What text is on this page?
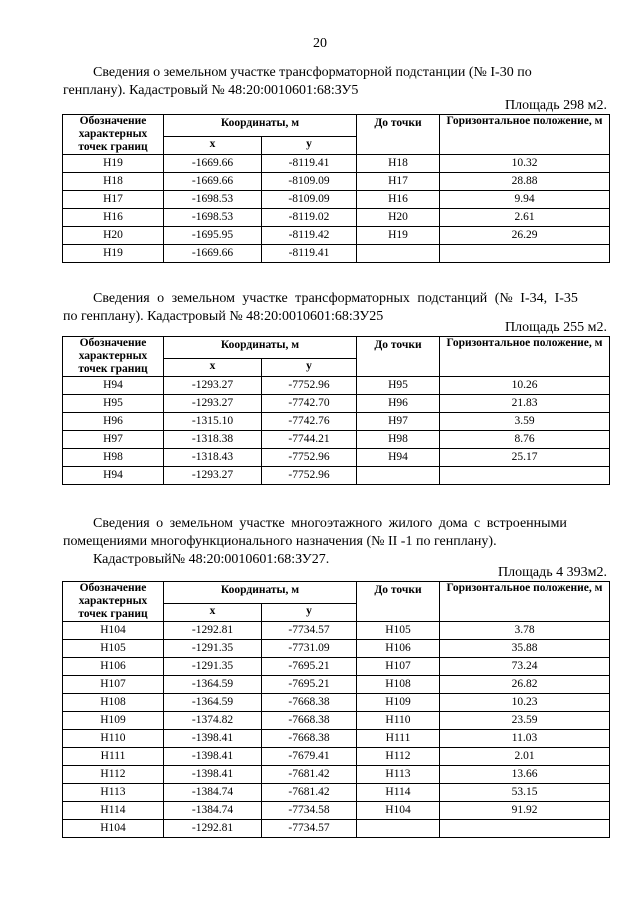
20

Сведения о земельном участке трансформаторной подстанции (№ I-30 по

генплану). Кадастровый № 48:20:0010601:68:ЗУ5

Площадь 298 м2.
Обозначение характерных точек границ	Координаты, м		До точки	Горизонтальное положение, м
	x	y		
Н19	-1669.66	-8119.41	Н18	10.32
Н18	-1669.66	-8109.09	Н17	28.88
Н17	-1698.53	-8109.09	Н16	9.94
Н16	-1698.53	-8119.02	Н20	2.61
Н20	-1695.95	-8119.42	Н19	26.29
Н19	-1669.66	-8119.41		

Сведения о земельном участке трансформаторных подстанций (№ I-34, I-35

по генплану). Кадастровый № 48:20:0010601:68:ЗУ25

Площадь 255 м2.
Обозначение характерных точек границ	Координаты, м		До точки	Горизонтальное положение, м
	x	y		
Н94	-1293.27	-7752.96	Н95	10.26
Н95	-1293.27	-7742.70	Н96	21.83
Н96	-1315.10	-7742.76	Н97	3.59
Н97	-1318.38	-7744.21	Н98	8.76
Н98	-1318.43	-7752.96	Н94	25.17
Н94	-1293.27	-7752.96		

Сведения о земельном участке многоэтажного жилого дома с встроенными

помещениями многофункционального назначения (№ II -1 по генплану).

Кадастровый№ 48:20:0010601:68:ЗУ27.

Площадь 4 393м2.
Обозначение характерных точек границ	Координаты, м		До точки	Горизонтальное положение, м
	x	y		
Н104	-1292.81	-7734.57	Н105	3.78
Н105	-1291.35	-7731.09	Н106	35.88
Н106	-1291.35	-7695.21	Н107	73.24
Н107	-1364.59	-7695.21	Н108	26.82
Н108	-1364.59	-7668.38	Н109	10.23
Н109	-1374.82	-7668.38	Н110	23.59
Н110	-1398.41	-7668.38	Н111	11.03
Н111	-1398.41	-7679.41	Н112	2.01
Н112	-1398.41	-7681.42	Н113	13.66
Н113	-1384.74	-7681.42	Н114	53.15
Н114	-1384.74	-7734.58	Н104	91.92
Н104	-1292.81	-7734.57		
